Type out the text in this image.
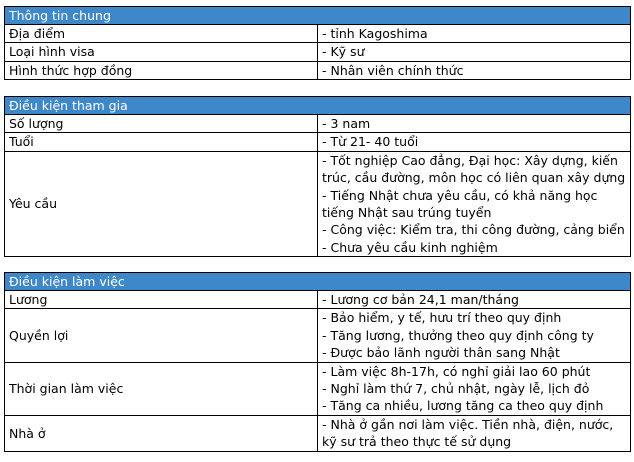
Thông tin chung	
Địa điểm	- tỉnh Kagoshima
Loại hình visa	- Kỹ sư
Hình thức hợp đồng	- Nhân viên chính thức
Điều kiện tham gia	
Số lượng	- 3 nam
Tuổi	- Từ 21- 40 tuổi
Yêu cầu	- Tốt nghiệp Cao đẳng, Đại học: Xây dựng, kiến trúc, cầu đường, môn học có liên quan xây dựng
- Tiếng Nhật chưa yêu cầu, có khả năng học tiếng Nhật sau trúng tuyển
- Công việc: Kiểm tra, thi công đường, cảng biển
- Chưa yêu cầu kinh nghiệm
Điều kiện làm việc	
Lương	- Lương cơ bản 24,1 man/tháng
Quyền lợi	- Bảo hiểm, y tế, hưu trí theo quy định
- Tăng lương, thưởng theo quy định công ty
- Được bảo lãnh người thân sang Nhật

Thời gian làm việc	- Làm việc 8h-17h, có nghỉ giải lao 60 phút
- Nghỉ làm thứ 7, chủ nhật, ngày lễ, lịch đỏ
- Tăng ca nhiều, lương tăng ca theo quy định

Nhà ở	- Nhà ở gần nơi làm việc. Tiền nhà, điện, nước, kỹ sư trả theo thực tế sử dụng
